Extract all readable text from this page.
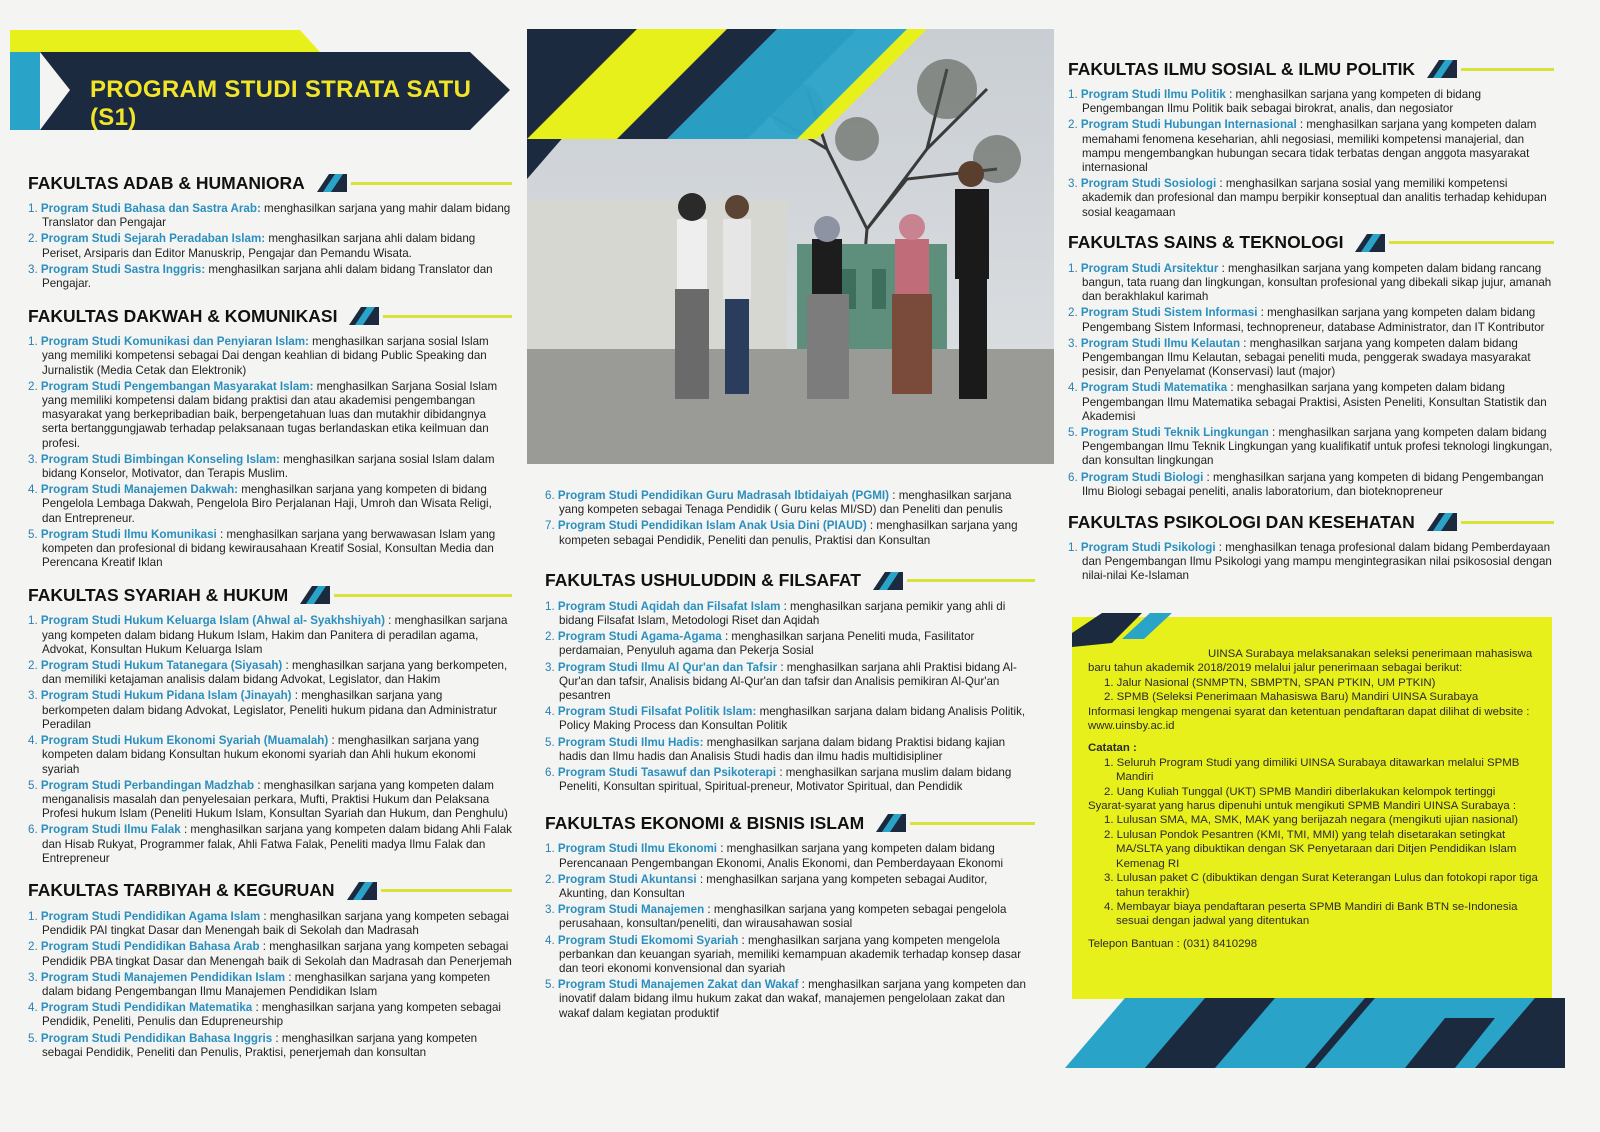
PROGRAM STUDI STRATA SATU (S1)
FAKULTAS ADAB & HUMANIORA

1. Program Studi Bahasa dan Sastra Arab: menghasilkan sarjana yang mahir dalam bidang Translator dan Pengajar

2. Program Studi Sejarah Peradaban Islam: menghasilkan sarjana ahli dalam bidang Periset, Arsiparis dan Editor Manuskrip, Pengajar dan Pemandu Wisata.

3. Program Studi Sastra Inggris: menghasilkan sarjana ahli dalam bidang Translator dan Pengajar.

FAKULTAS DAKWAH & KOMUNIKASI

1. Program Studi Komunikasi dan Penyiaran Islam: menghasilkan sarjana sosial Islam yang memiliki kompetensi sebagai Dai dengan keahlian di bidang Public Speaking dan Jurnalistik (Media Cetak dan Elektronik)

2. Program Studi Pengembangan Masyarakat Islam: menghasilkan Sarjana Sosial Islam yang memiliki kompetensi dalam bidang praktisi dan atau akademisi pengembangan masyarakat yang berkepribadian baik, berpengetahuan luas dan mutakhir dibidangnya serta bertanggungjawab terhadap pelaksanaan tugas berlandaskan etika keilmuan dan profesi.

3. Program Studi Bimbingan Konseling Islam: menghasilkan sarjana sosial Islam dalam bidang Konselor, Motivator, dan Terapis Muslim.

4. Program Studi Manajemen Dakwah: menghasilkan sarjana yang kompeten di bidang Pengelola Lembaga Dakwah, Pengelola Biro Perjalanan Haji, Umroh dan Wisata Religi, dan Entrepreneur.

5. Program Studi Ilmu Komunikasi : menghasilkan sarjana yang berwawasan Islam yang kompeten dan profesional di bidang kewirausahaan Kreatif Sosial, Konsultan Media dan Perencana Kreatif Iklan

FAKULTAS SYARIAH & HUKUM

1. Program Studi Hukum Keluarga Islam (Ahwal al- Syakhshiyah) : menghasilkan sarjana yang kompeten dalam bidang Hukum Islam, Hakim dan Panitera di peradilan agama, Advokat, Konsultan Hukum Keluarga Islam

2. Program Studi Hukum Tatanegara (Siyasah) : menghasilkan sarjana yang berkompeten, dan memiliki ketajaman analisis dalam bidang Advokat, Legislator, dan Hakim

3. Program Studi Hukum Pidana Islam (Jinayah) : menghasilkan sarjana yang berkompeten dalam bidang Advokat, Legislator, Peneliti hukum pidana dan Administratur Peradilan

4. Program Studi Hukum Ekonomi Syariah (Muamalah) : menghasilkan sarjana yang kompeten dalam bidang Konsultan hukum ekonomi syariah dan Ahli hukum ekonomi syariah

5. Program Studi Perbandingan Madzhab : menghasilkan sarjana yang kompeten dalam menganalisis masalah dan penyelesaian perkara, Mufti, Praktisi Hukum dan Pelaksana Profesi hukum Islam (Peneliti Hukum Islam, Konsultan Syariah dan Hukum, dan Penghulu)

6. Program Studi Ilmu Falak : menghasilkan sarjana yang kompeten dalam bidang Ahli Falak dan Hisab Rukyat, Programmer falak, Ahli Fatwa Falak, Peneliti madya Ilmu Falak dan Entrepreneur

FAKULTAS TARBIYAH & KEGURUAN

1. Program Studi Pendidikan Agama Islam : menghasilkan sarjana yang kompeten sebagai Pendidik PAI tingkat Dasar dan Menengah baik di Sekolah dan Madrasah

2. Program Studi Pendidikan Bahasa Arab : menghasilkan sarjana yang kompeten sebagai Pendidik PBA tingkat Dasar dan Menengah baik di Sekolah dan Madrasah dan Penerjemah

3. Program Studi Manajemen Pendidikan Islam : menghasilkan sarjana yang kompeten dalam bidang Pengembangan Ilmu Manajemen Pendidikan Islam

4. Program Studi Pendidikan Matematika : menghasilkan sarjana yang kompeten sebagai Pendidik, Peneliti, Penulis dan Edupreneurship

5. Program Studi Pendidikan Bahasa Inggris : menghasilkan sarjana yang kompeten sebagai Pendidik, Peneliti dan Penulis, Praktisi, penerjemah dan konsultan

6. Program Studi Pendidikan Guru Madrasah Ibtidaiyah (PGMI) : menghasilkan sarjana yang kompeten sebagai Tenaga Pendidik ( Guru kelas MI/SD) dan Peneliti dan penulis

7. Program Studi Pendidikan Islam Anak Usia Dini (PIAUD) : menghasilkan sarjana yang kompeten sebagai Pendidik, Peneliti dan penulis, Praktisi dan Konsultan

FAKULTAS USHULUDDIN & FILSAFAT

1. Program Studi Aqidah dan Filsafat Islam : menghasilkan sarjana pemikir yang ahli di bidang Filsafat Islam, Metodologi Riset dan Aqidah

2. Program Studi Agama-Agama : menghasilkan sarjana Peneliti muda, Fasilitator perdamaian, Penyuluh agama dan Pekerja Sosial

3. Program Studi Ilmu Al Qur'an dan Tafsir : menghasilkan sarjana ahli Praktisi bidang Al-Qur'an dan tafsir, Analisis bidang Al-Qur'an dan tafsir dan Analisis pemikiran Al-Qur'an pesantren

4. Program Studi Filsafat Politik Islam: menghasilkan sarjana dalam bidang Analisis Politik, Policy Making Process dan Konsultan Politik

5. Program Studi Ilmu Hadis: menghasilkan sarjana dalam bidang Praktisi bidang kajian hadis dan Ilmu hadis dan Analisis Studi hadis dan ilmu hadis multidisipliner

6. Program Studi Tasawuf dan Psikoterapi : menghasilkan sarjana muslim dalam bidang Peneliti, Konsultan spiritual, Spiritual-preneur, Motivator Spiritual, dan Pendidik

FAKULTAS EKONOMI & BISNIS ISLAM

1. Program Studi Ilmu Ekonomi : menghasilkan sarjana yang kompeten dalam bidang Perencanaan Pengembangan Ekonomi, Analis Ekonomi, dan Pemberdayaan Ekonomi

2. Program Studi Akuntansi : menghasilkan sarjana yang kompeten sebagai Auditor, Akunting, dan Konsultan

3. Program Studi Manajemen : menghasilkan sarjana yang kompeten sebagai pengelola perusahaan, konsultan/peneliti, dan wirausahawan sosial

4. Program Studi Ekomomi Syariah : menghasilkan sarjana yang kompeten mengelola perbankan dan keuangan syariah, memiliki kemampuan akademik terhadap konsep dasar dan teori ekonomi konvensional dan syariah

5. Program Studi Manajemen Zakat dan Wakaf : menghasilkan sarjana yang kompeten dan inovatif dalam bidang ilmu hukum zakat dan wakaf, manajemen pengelolaan zakat dan wakaf dalam kegiatan produktif

FAKULTAS ILMU SOSIAL & ILMU POLITIK

1. Program Studi Ilmu Politik : menghasilkan sarjana yang kompeten di bidang Pengembangan Ilmu Politik baik sebagai birokrat, analis, dan negosiator

2. Program Studi Hubungan Internasional : menghasilkan sarjana yang kompeten dalam memahami fenomena keseharian, ahli negosiasi, memiliki kompetensi manajerial, dan mampu mengembangkan hubungan secara tidak terbatas dengan anggota masyarakat internasional

3. Program Studi Sosiologi : menghasilkan sarjana sosial yang memiliki kompetensi akademik dan profesional dan mampu berpikir konseptual dan analitis terhadap kehidupan sosial keagamaan

FAKULTAS SAINS & TEKNOLOGI

1. Program Studi Arsitektur : menghasilkan sarjana yang kompeten dalam bidang rancang bangun, tata ruang dan lingkungan, konsultan profesional yang dibekali sikap jujur, amanah dan berakhlakul karimah

2. Program Studi Sistem Informasi : menghasilkan sarjana yang kompeten dalam bidang Pengembang Sistem Informasi, technopreneur, database Administrator, dan IT Kontributor

3. Program Studi Ilmu Kelautan : menghasilkan sarjana yang kompeten dalam bidang Pengembangan Ilmu Kelautan, sebagai peneliti muda, penggerak swadaya masyarakat pesisir, dan Penyelamat (Konservasi) laut (major)

4. Program Studi Matematika : menghasilkan sarjana yang kompeten dalam bidang Pengembangan Ilmu Matematika sebagai Praktisi, Asisten Peneliti, Konsultan Statistik dan Akademisi

5. Program Studi Teknik Lingkungan : menghasilkan sarjana yang kompeten dalam bidang Pengembangan Ilmu Teknik Lingkungan yang kualifikatif untuk profesi teknologi lingkungan, dan konsultan lingkungan

6. Program Studi Biologi : menghasilkan sarjana yang kompeten di bidang Pengembangan Ilmu Biologi sebagai peneliti, analis laboratorium, dan bioteknopreneur

FAKULTAS PSIKOLOGI DAN KESEHATAN

1. Program Studi Psikologi : menghasilkan tenaga profesional dalam bidang Pemberdayaan dan Pengembangan Ilmu Psikologi yang mampu mengintegrasikan nilai psikososial dengan nilai-nilai Ke-Islaman

UINSA Surabaya melaksanakan seleksi penerimaan mahasiswa baru tahun akademik 2018/2019 melalui jalur penerimaan sebagai berikut:

1. Jalur Nasional (SNMPTN, SBMPTN, SPAN PTKIN, UM PTKIN)

2. SPMB (Seleksi Penerimaan Mahasiswa Baru) Mandiri UINSA Surabaya

Informasi lengkap mengenai syarat dan ketentuan pendaftaran dapat dilihat di website :

www.uinsby.ac.id

Catatan :

1. Seluruh Program Studi yang dimiliki UINSA Surabaya ditawarkan melalui SPMB Mandiri

2. Uang Kuliah Tunggal (UKT) SPMB Mandiri diberlakukan kelompok tertinggi

Syarat-syarat yang harus dipenuhi untuk mengikuti SPMB Mandiri UINSA Surabaya :

1. Lulusan SMA, MA, SMK, MAK yang berijazah negara (mengikuti ujian nasional)

2. Lulusan Pondok Pesantren (KMI, TMI, MMI) yang telah disetarakan setingkat MA/SLTA yang dibuktikan dengan SK Penyetaraan dari Ditjen Pendidikan Islam Kemenag RI

3. Lulusan paket C (dibuktikan dengan Surat Keterangan Lulus dan fotokopi rapor tiga tahun terakhir)

4. Membayar biaya pendaftaran peserta SPMB Mandiri di Bank BTN se-Indonesia sesuai dengan jadwal yang ditentukan

Telepon Bantuan : (031) 8410298
